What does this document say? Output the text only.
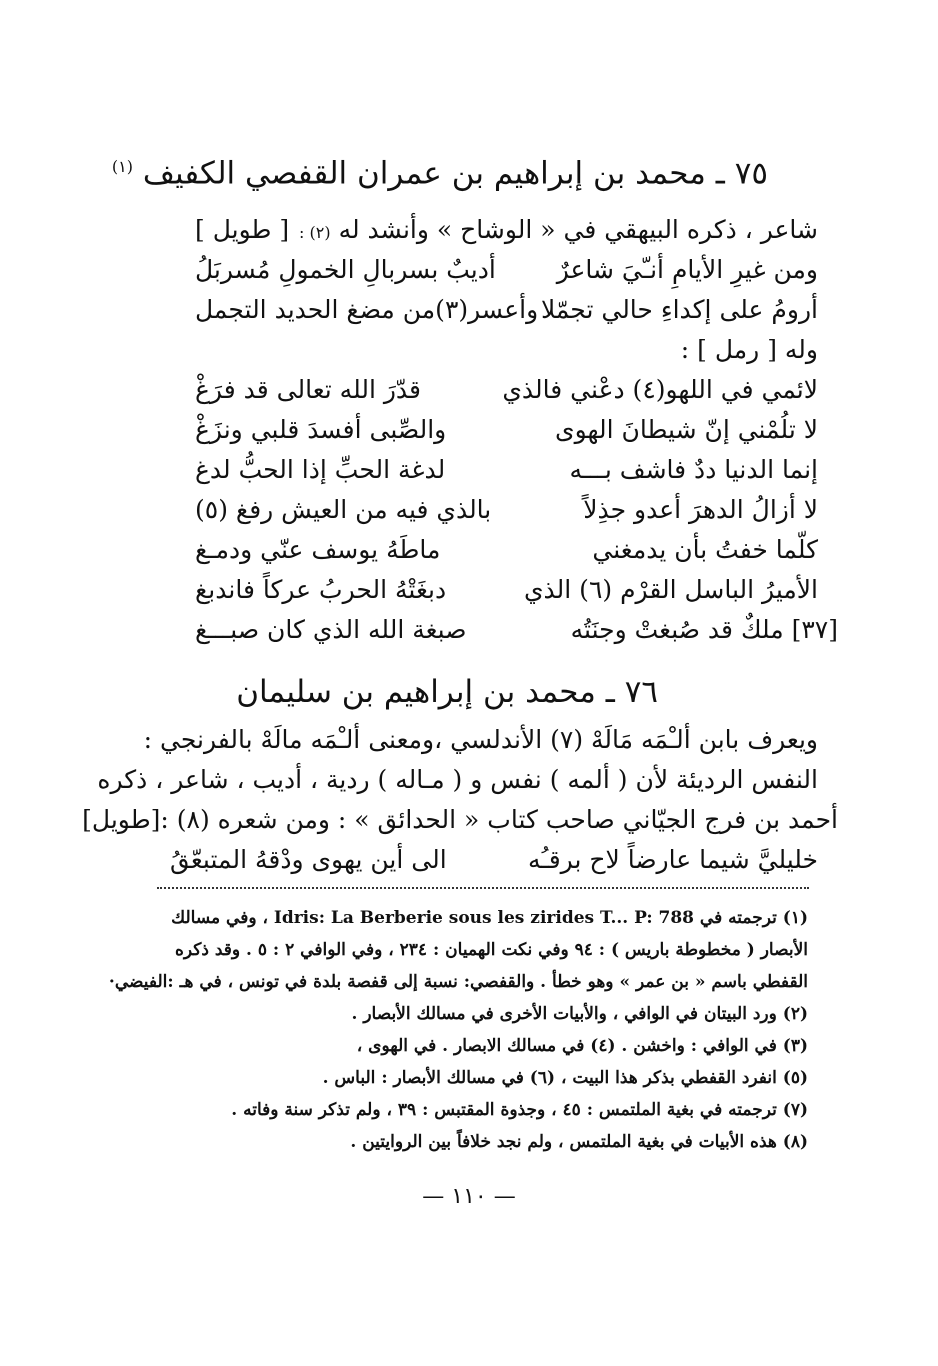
٧٥ ـ محمد بن إبراهيم بن عمران القفصي الكفيف $^{(١)}$
شاعر ، ذكره البيهقي في « الوشاح » وأنشد له (٢) :
[ طويل ]
ومن غيرِ الأيامِ أنـّيَ شاعرٌ
أديبٌ بسربالِ الخمولِ مُسربَلُ
أرومُ على إكداءِ حالي تجمّلا
وأعسر(٣)من مضغ الحديد التجمل
وله [ رمل ] :
لائمي في اللهو(٤) دعْني فالذي
قدّرَ الله تعالى قد فرَغْ
لا تلُمْني إنّ شيطانَ الهوى
والصِّبى أفسدَ قلبي ونزَغْ
إنما الدنيا ددٌ فاشف بـــه
لدغة الحبِّ إذا الحبُّ لدغ
لا أزالُ الدهرَ أعدو جذِلاً
بالذي فيه من العيش رفغ (٥)
كلّما خفتُ بأن يدمغني
ماطَهُ يوسف عنّي ودمـغ
الأميرُ الباسل القرْم (٦) الذي
دبغَتْهُ الحربُ عركاً فاندبغ
[٣٧] ملكٌ قد صُبغتْ وجنَتُه
صبغة الله الذي كان صبـــغ
٧٦ ـ محمد بن إبراهيم بن سليمان
ويعرف بابن ألـْمَه مَالَهْ (٧) الأندلسي ،ومعنى ألـْمَه مالَهْ بالفرنجي :
النفس الرديئة لأن ( ألمه ) نفس و ( مـاله ) ردية ، أديب ، شاعر ، ذكره
أحمد بن فرج الجيّاني صاحب كتاب « الحدائق » : ومن شعره (٨) :[طويل]
خليليَّ شيما عارضاً لاح برقـُه
الى أين يهوى ودْقهُ المتبعّقُ
(١) ترجمته في Idris: La Berberie sous les zirides T... P: 788 ، وفي مسالك
الأبصار ( مخطوطة باريس ) : ٩٤ وفي نكت الهميان : ٢٣٤ ، وفي الوافي ٢ : ٥ . وقد ذكره
القفطي باسم « بن عمر » وهو خطأ . والقفصي: نسبة إلى قفصة بلدة في تونس ، في هـ :الفيضي·
(٢) ورد البيتان في الوافي ، والأبيات الأخرى في مسالك الأبصار .
(٣) في الوافي : واخشن . (٤) في مسالك الابصار . في الهوى ،
(٥) انفرد القفطي بذكر هذا البيت ، (٦) في مسالك الأبصار : الباس .
(٧) ترجمته في بغية الملتمس : ٤٥ ، وجذوة المقتبس : ٣٩ ، ولم تذكر سنة وفاته .
(٨) هذه الأبيات في بغية الملتمس ، ولم نجد خلافاً بين الروايتين .
— ١١٠ —
